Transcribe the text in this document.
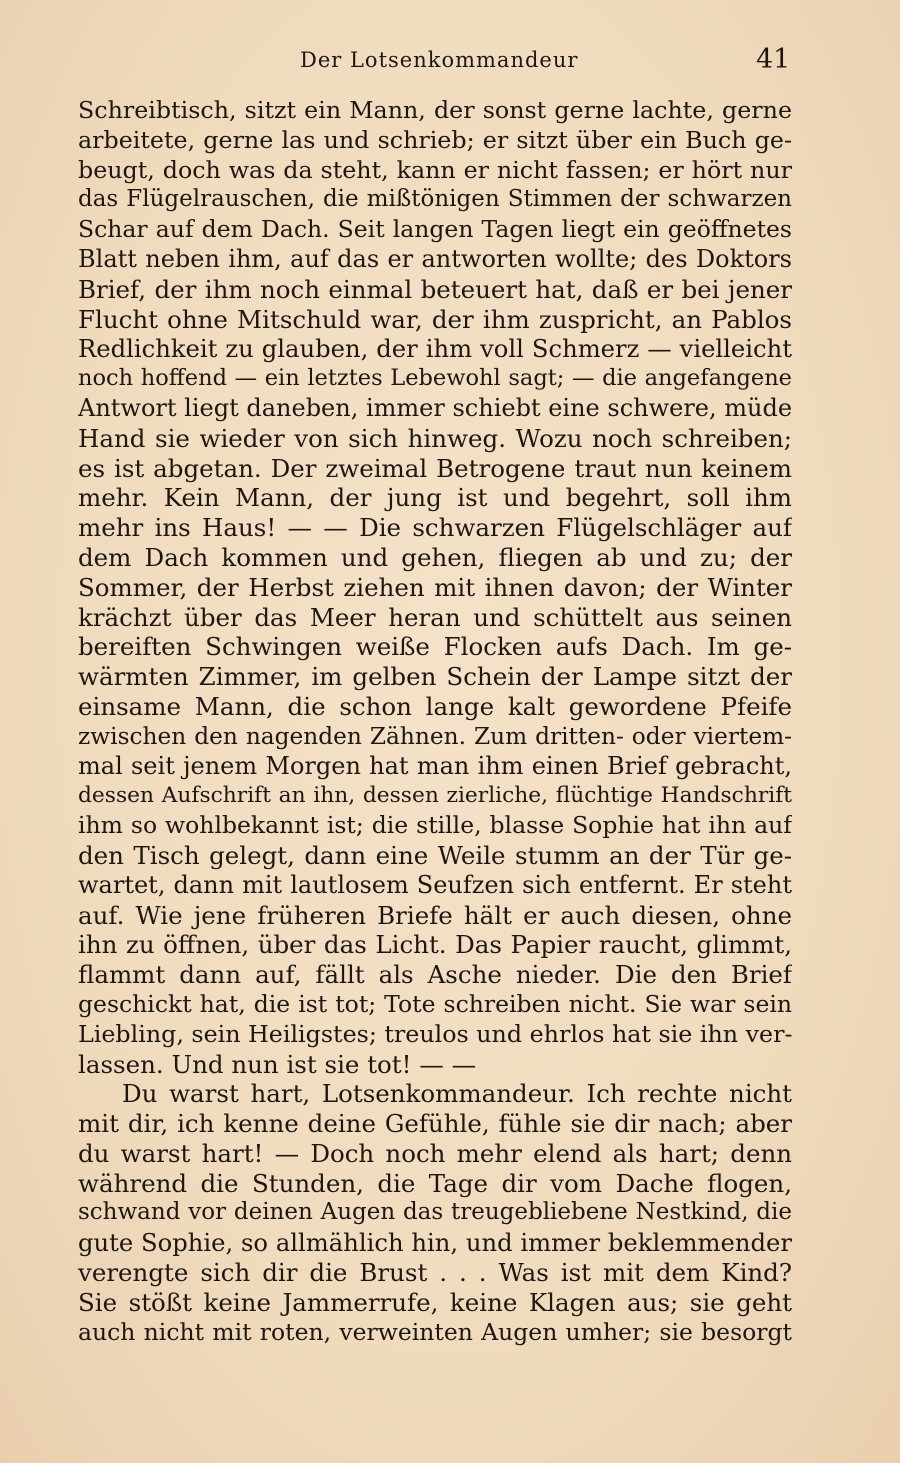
Der Lotsenkommandeur	41
Schreibtisch, sitzt ein Mann, der sonst gerne lachte, gerne
arbeitete, gerne las und schrieb; er sitzt über ein Buch ge-
beugt, doch was da steht, kann er nicht fassen; er hört nur
das Flügelrauschen, die mißtönigen Stimmen der schwarzen
Schar auf dem Dach. Seit langen Tagen liegt ein geöffnetes
Blatt neben ihm, auf das er antworten wollte; des Doktors
Brief, der ihm noch einmal beteuert hat, daß er bei jener
Flucht ohne Mitschuld war, der ihm zuspricht, an Pablos
Redlichkeit zu glauben, der ihm voll Schmerz — vielleicht
noch hoffend — ein letztes Lebewohl sagt; — die angefangene
Antwort liegt daneben, immer schiebt eine schwere, müde
Hand sie wieder von sich hinweg. Wozu noch schreiben;
es ist abgetan. Der zweimal Betrogene traut nun keinem
mehr. Kein Mann, der jung ist und begehrt, soll ihm
mehr ins Haus! — — Die schwarzen Flügelschläger auf
dem Dach kommen und gehen, fliegen ab und zu; der
Sommer, der Herbst ziehen mit ihnen davon; der Winter
krächzt über das Meer heran und schüttelt aus seinen
bereiften Schwingen weiße Flocken aufs Dach. Im ge-
wärmten Zimmer, im gelben Schein der Lampe sitzt der
einsame Mann, die schon lange kalt gewordene Pfeife
zwischen den nagenden Zähnen. Zum dritten- oder viertem-
mal seit jenem Morgen hat man ihm einen Brief gebracht,
dessen Aufschrift an ihn, dessen zierliche, flüchtige Handschrift
ihm so wohlbekannt ist; die stille, blasse Sophie hat ihn auf
den Tisch gelegt, dann eine Weile stumm an der Tür ge-
wartet, dann mit lautlosem Seufzen sich entfernt. Er steht
auf. Wie jene früheren Briefe hält er auch diesen, ohne
ihn zu öffnen, über das Licht. Das Papier raucht, glimmt,
flammt dann auf, fällt als Asche nieder. Die den Brief
geschickt hat, die ist tot; Tote schreiben nicht. Sie war sein
Liebling, sein Heiligstes; treulos und ehrlos hat sie ihn ver-
lassen. Und nun ist sie tot! — —
Du warst hart, Lotsenkommandeur. Ich rechte nicht
mit dir, ich kenne deine Gefühle, fühle sie dir nach; aber
du warst hart! — Doch noch mehr elend als hart; denn
während die Stunden, die Tage dir vom Dache flogen,
schwand vor deinen Augen das treugebliebene Nestkind, die
gute Sophie, so allmählich hin, und immer beklemmender
verengte sich dir die Brust . . . Was ist mit dem Kind?
Sie stößt keine Jammerrufe, keine Klagen aus; sie geht
auch nicht mit roten, verweinten Augen umher; sie besorgt
